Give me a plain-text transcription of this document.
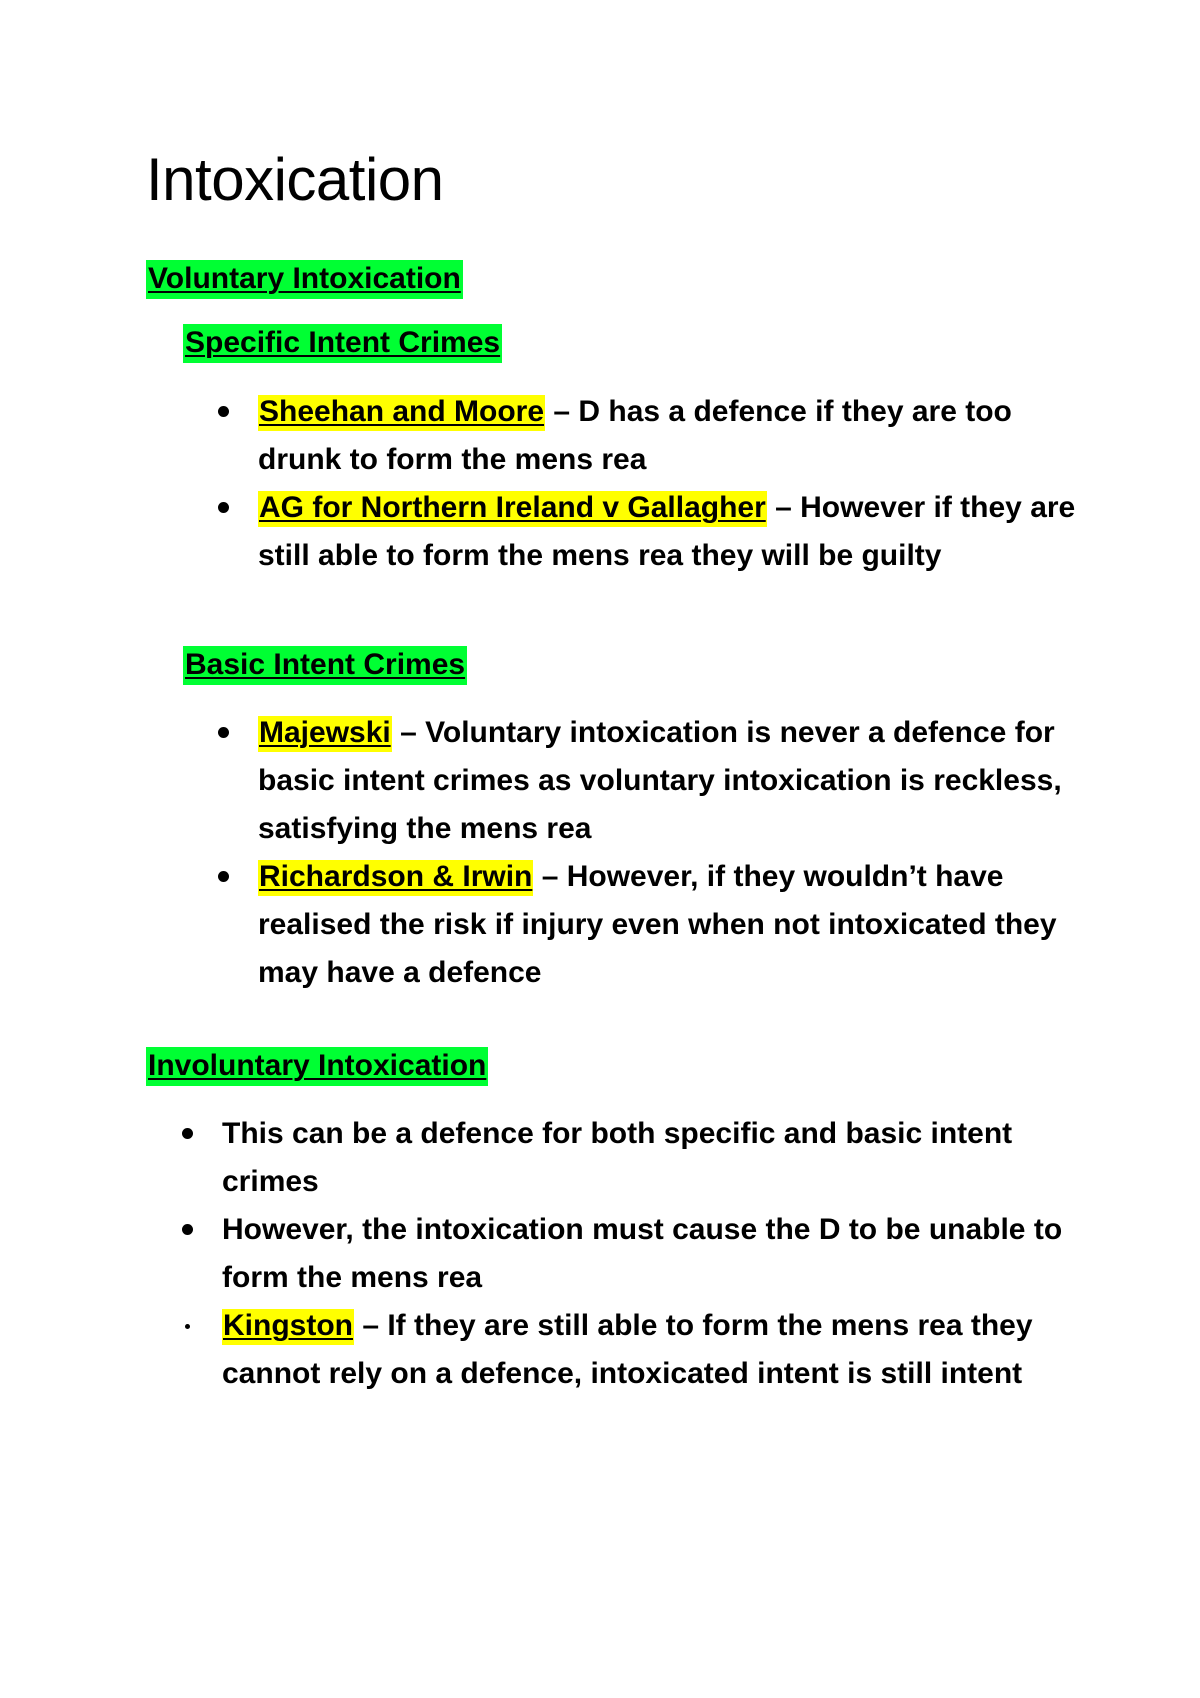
Intoxication
Voluntary Intoxication
Specific Intent Crimes
Sheehan and Moore – D has a defence if they are too drunk to form the mens rea
AG for Northern Ireland v Gallagher – However if they are still able to form the mens rea they will be guilty
Basic Intent Crimes
Majewski – Voluntary intoxication is never a defence for basic intent crimes as voluntary intoxication is reckless, satisfying the mens rea
Richardson & Irwin – However, if they wouldn’t have realised the risk if injury even when not intoxicated they may have a defence
Involuntary Intoxication
This can be a defence for both specific and basic intent crimes
However, the intoxication must cause the D to be unable to form the mens rea
Kingston – If they are still able to form the mens rea they cannot rely on a defence, intoxicated intent is still intent
